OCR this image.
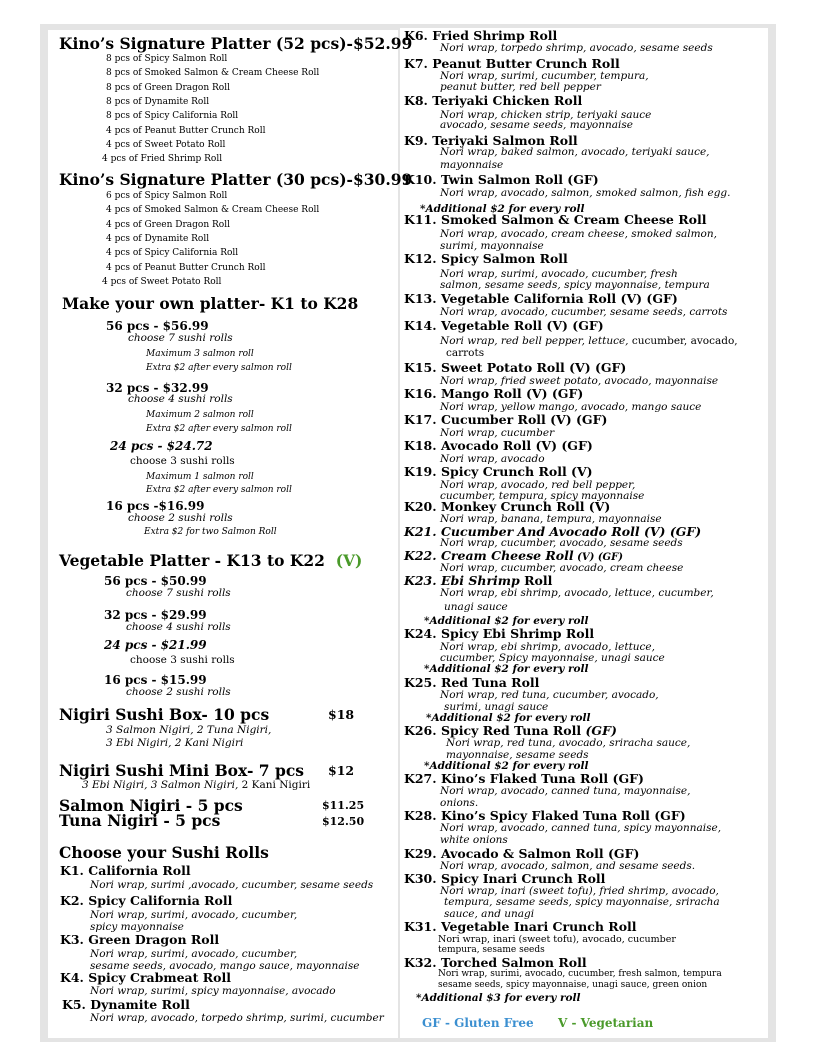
Kino’s Signature Platter (52 pcs)-$52.99
8 pcs of Spicy Salmon Roll
8 pcs of Smoked Salmon & Cream Cheese Roll
8 pcs of Green Dragon Roll
8 pcs of Dynamite Roll
8 pcs of Spicy California Roll
4 pcs of Peanut Butter Crunch Roll
4 pcs of Sweet Potato Roll
4 pcs of Fried Shrimp Roll
Kino’s Signature Platter (30 pcs)-$30.99
6 pcs of Spicy Salmon Roll
4 pcs of Smoked Salmon & Cream Cheese Roll
4 pcs of Green Dragon Roll
4 pcs of Dynamite Roll
4 pcs of Spicy California Roll
4 pcs of Peanut Butter Crunch Roll
4 pcs of Sweet Potato Roll
Make your own platter- K1 to K28
56 pcs - $56.99
choose 7 sushi rolls
Maximum 3 salmon roll
Extra $2 after every salmon roll
32 pcs - $32.99
choose 4 sushi rolls
Maximum 2 salmon roll
Extra $2 after every salmon roll
24 pcs - $24.72
choose 3 sushi rolls
Maximum 1 salmon roll
Extra $2 after every salmon roll
16 pcs -$16.99
choose 2 sushi rolls
Extra $2 for two Salmon Roll
Vegetable Platter - K13 to K22 (V)
56 pcs - $50.99
choose 7 sushi rolls
32 pcs - $29.99
choose 4 sushi rolls
24 pcs - $21.99
choose 3 sushi rolls
16 pcs - $15.99
choose 2 sushi rolls
Nigiri Sushi Box- 10 pcs	$18
3 Salmon Nigiri, 2 Tuna Nigiri,
3 Ebi Nigiri, 2 Kani Nigiri
Nigiri Sushi Mini Box- 7 pcs $12
3 Ebi Nigiri, 3 Salmon Nigiri, 2 Kani Nigiri
Salmon Nigiri - 5 pcs	$11.25
Tuna Nigiri - 5 pcs	$12.50
Choose your Sushi Rolls
K1. California Roll
Nori wrap, surimi ,avocado, cucumber, sesame seeds
K2. Spicy California Roll
Nori wrap, surimi, avocado, cucumber,
spicy mayonnaise
K3. Green Dragon Roll
Nori wrap, surimi, avocado, cucumber,
sesame seeds, avocado, mango sauce, mayonnaise
K4. Spicy Crabmeat Roll
Nori wrap, surimi, spicy mayonnaise, avocado
K5. Dynamite Roll
Nori wrap, avocado, torpedo shrimp, surimi, cucumber
K6. Fried Shrimp Roll
Nori wrap, torpedo shrimp, avocado, sesame seeds
K7. Peanut Butter Crunch Roll
Nori wrap, surimi, cucumber, tempura,
peanut butter, red bell pepper
K8. Teriyaki Chicken Roll
Nori wrap, chicken strip, teriyaki sauce
avocado, sesame seeds, mayonnaise
K9. Teriyaki Salmon Roll
Nori wrap, baked salmon, avocado, teriyaki sauce,
mayonnaise
K10. Twin Salmon Roll (GF)
Nori wrap, avocado, salmon, smoked salmon, fish egg.
*Additional $2 for every roll
K11. Smoked Salmon & Cream Cheese Roll
Nori wrap, avocado, cream cheese, smoked salmon,
surimi, mayonnaise
K12. Spicy Salmon Roll
Nori wrap, surimi, avocado, cucumber, fresh
salmon, sesame seeds, spicy mayonnaise, tempura
K13. Vegetable California Roll (V) (GF)
Nori wrap, avocado, cucumber, sesame seeds, carrots
K14. Vegetable Roll (V) (GF)
Nori wrap, red bell pepper, lettuce, cucumber, avocado,
carrots
K15. Sweet Potato Roll (V) (GF)
Nori wrap, fried sweet potato, avocado, mayonnaise
K16. Mango Roll (V) (GF)
Nori wrap, yellow mango, avocado, mango sauce
K17. Cucumber Roll (V) (GF)
Nori wrap, cucumber
K18. Avocado Roll (V) (GF)
Nori wrap, avocado
K19. Spicy Crunch Roll (V)
Nori wrap, avocado, red bell pepper,
cucumber, tempura, spicy mayonnaise
K20. Monkey Crunch Roll (V)
Nori wrap, banana, tempura, mayonnaise
K21. Cucumber And Avocado Roll (V) (GF)
Nori wrap, cucumber, avocado, sesame seeds
K22. Cream Cheese Roll (V) (GF)
Nori wrap, cucumber, avocado, cream cheese
K23. Ebi Shrimp Roll
Nori wrap, ebi shrimp, avocado, lettuce, cucumber,
unagi sauce
*Additional $2 for every roll
K24. Spicy Ebi Shrimp Roll
Nori wrap, ebi shrimp, avocado, lettuce,
cucumber, Spicy mayonnaise, unagi sauce
*Additional $2 for every roll
K25. Red Tuna Roll
Nori wrap, red tuna, cucumber, avocado,
surimi, unagi sauce
*Additional $2 for every roll
K26. Spicy Red Tuna Roll (GF)
Nori wrap, red tuna, avocado, sriracha sauce,
mayonnaise, sesame seeds
*Additional $2 for every roll
K27. Kino’s Flaked Tuna Roll (GF)
Nori wrap, avocado, canned tuna, mayonnaise,
onions.
K28. Kino’s Spicy Flaked Tuna Roll (GF)
Nori wrap, avocado, canned tuna, spicy mayonnaise,
white onions
K29. Avocado & Salmon Roll (GF)
Nori wrap, avocado, salmon, and sesame seeds.
K30. Spicy Inari Crunch Roll
Nori wrap, inari (sweet tofu), fried shrimp, avocado,
tempura, sesame seeds, spicy mayonnaise, sriracha
sauce, and unagi
K31. Vegetable Inari Crunch Roll
Nori wrap, inari (sweet tofu), avocado, cucumber
tempura, sesame seeds
K32. Torched Salmon Roll
Nori wrap, surimi, avocado, cucumber, fresh salmon, tempura
sesame seeds, spicy mayonnaise, unagi sauce, green onion
*Additional $3 for every roll
GF - Gluten Free V - Vegetarian
